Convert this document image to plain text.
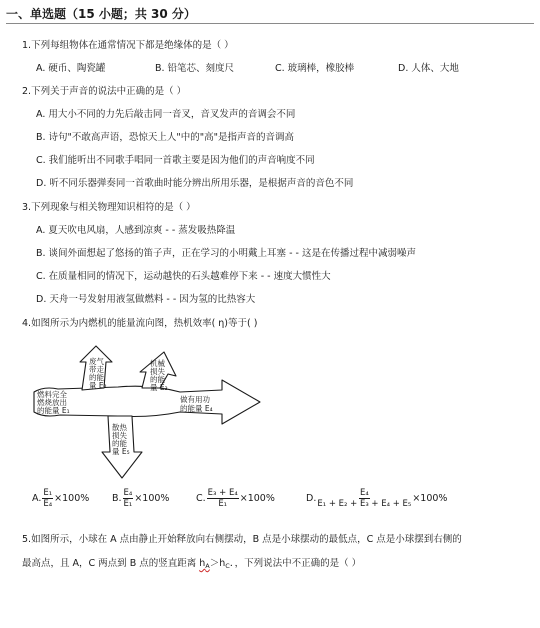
一、单选题（15 小题；共 30 分）
1.下列每组物体在通常情况下都是绝缘体的是（ ）
A. 硬币、陶瓷罐	B. 铅笔芯、刻度尺	C. 玻璃棒，橡胶棒	D. 人体、大地
2.下列关于声音的说法中正确的是（ ）
A. 用大小不同的力先后敲击同一音叉，音叉发声的音调会不同
B. 诗句"不敢高声语，恐惊天上人"中的"高"是指声音的音调高
C. 我们能听出不同歌手唱同一首歌主要是因为他们的声音响度不同
D. 听不同乐器弹奏同一首歌曲时能分辨出所用乐器，是根据声音的音色不同
3.下列现象与相关物理知识相符的是（ ）
A. 夏天吹电风扇，人感到凉爽 - - 蒸发吸热降温
B. 谈间外面想起了悠扬的笛子声，正在学习的小明戴上耳塞 - - 这是在传播过程中减弱噪声
C. 在质量相同的情况下，运动越快的石头越难停下来 - - 速度大惯性大
D. 天舟一号发射用液氢做燃料 - - 因为氢的比热容大
4.如图所示为内燃机的能量流向图，热机效率( η)等于( )
燃料完全
燃烧放出
的能量 E₁
废气
带走
的能
量 E₂
机械
损失
的能
量 E₃
做有用功
的能量 E₄
散热
损失
的能
量 E₅
A. $\frac{\text{E₁}}{\text{E₄}} \times 100\%$ B. $\frac{\text{E₄}}{\text{E₁}} \times 100\%$	C. $\frac{\text{E₃ + E₄}}{\text{E₁}} \times 100\%$	D. $\frac{\text{E₄}}{\text{E₁ + E₂ + E₃ + E₄ + E₅}} \times 100\%$
5.如图所示，小球在 A 点由静止开始释放向右侧摆动，B 点是小球摆动的最低点，C 点是小球摆到右侧的
最高点，且 A，C 两点到 B 点的竖直距离 $h_A>h_C$．，下列说法中不正确的是（ ）
